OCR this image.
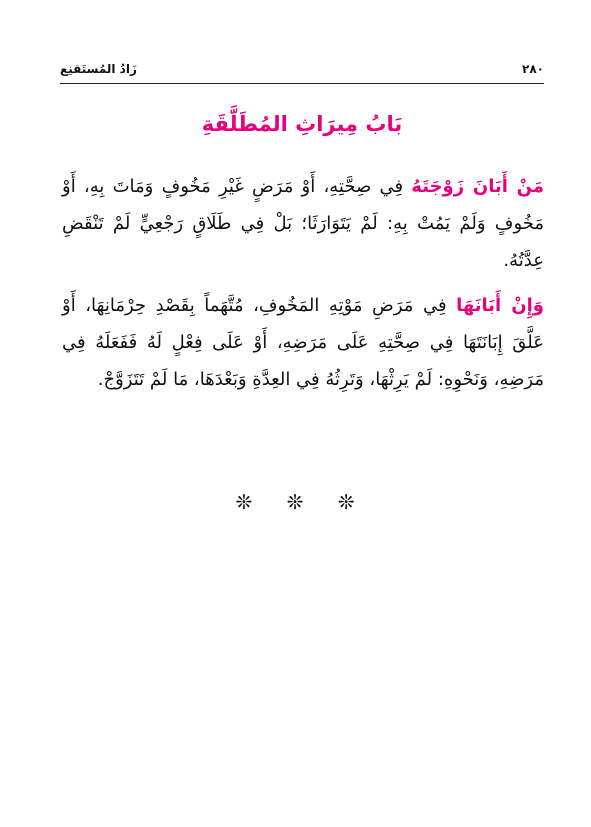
٢٨٠
زَادُ المُستَقنِع
بَابُ مِيرَاثِ المُطَلَّقَةِ

مَنْ أَبَانَ زَوْجَتَهُ فِي صِحَّتِهِ، أَوْ مَرَضٍ غَيْرِ مَخُوفٍ وَمَاتَ بِهِ، أَوْ مَخُوفٍ وَلَمْ يَمُتْ بِهِ: لَمْ يَتَوَارَثَا؛ بَلْ فِي طَلَاقٍ رَجْعِيٍّ لَمْ تَنْقَضِ عِدَّتُهُ.

وَإِنْ أَبَانَهَا فِي مَرَضِ مَوْتِهِ المَخُوفِ، مُتَّهَماً بِقَصْدِ حِرْمَانِهَا، أَوْ عَلَّقَ إِبَانَتَهَا فِي صِحَّتِهِ عَلَى مَرَضِهِ، أَوْ عَلَى فِعْلٍ لَهُ فَفَعَلَهُ فِي مَرَضِهِ، وَنَحْوِهِ: لَمْ يَرِثْهَا، وَتَرِثُهُ فِي العِدَّةِ وَبَعْدَهَا، مَا لَمْ تَتَزَوَّجْ.

❊ ❊ ❊
